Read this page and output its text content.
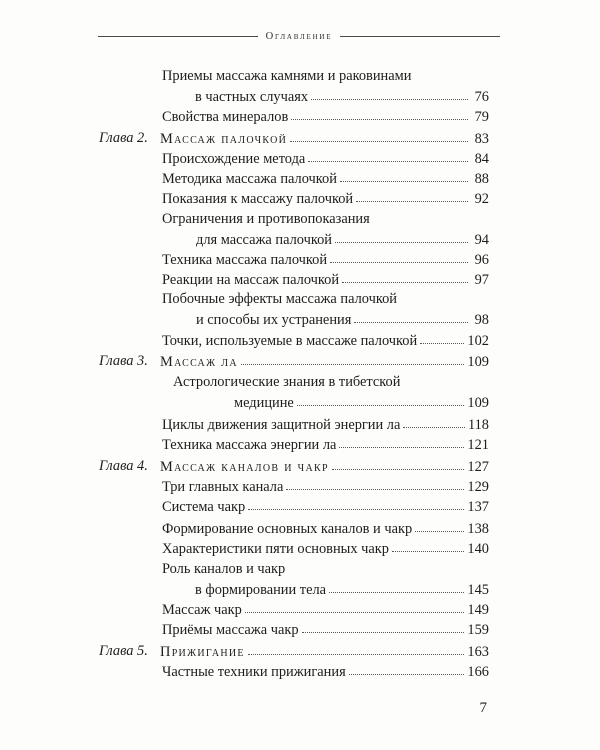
Оглавление
Приемы массажа камнями и раковинами
в частных случаях	76
Свойства минералов	79
Глава 2. Массаж палочкой	83
Происхождение метода	84
Методика массажа палочкой	88
Показания к массажу палочкой	92
Ограничения и противопоказания
для массажа палочкой	94
Техника массажа палочкой	96
Реакции на массаж палочкой	97
Побочные эффекты массажа палочкой
и способы их устранения	98
Точки, используемые в массаже палочкой	102
Глава 3. Массаж ла	109
Астрологические знания в тибетской
медицине	109
Циклы движения защитной энергии ла	118
Техника массажа энергии ла	121
Глава 4. Массаж каналов и чакр	127
Три главных канала	129
Система чакр	137
Формирование основных каналов и чакр	138
Характеристики пяти основных чакр	140
Роль каналов и чакр
в формировании тела	145
Массаж чакр	149
Приёмы массажа чакр	159
Глава 5. Прижигание	163
Частные техники прижигания	166
7
